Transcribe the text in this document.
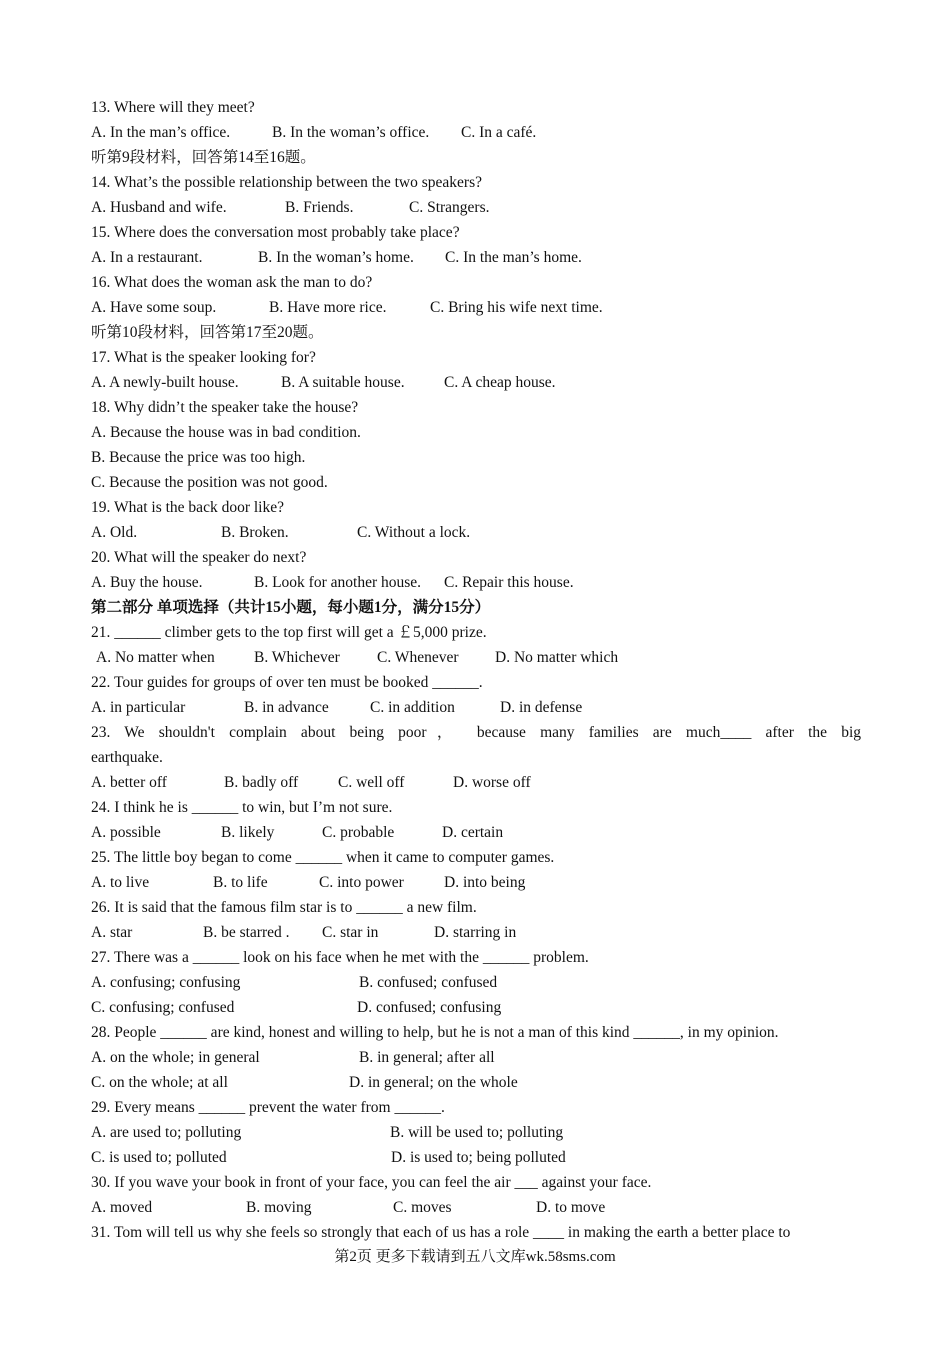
13. Where will they meet?
A. In the man’s office.	B. In the woman’s office. C. In a café.
听第9段材料，回答第14至16题。
14. What’s the possible relationship between the two speakers?
A. Husband and wife.	B. Friends.	C. Strangers.
15. Where does the conversation most probably take place?
A. In a restaurant.	B. In the woman’s home. C. In the man’s home.
16. What does the woman ask the man to do?
A. Have some soup.	B. Have more rice.	C. Bring his wife next time.
听第10段材料，回答第17至20题。
17. What is the speaker looking for?
A. A newly-built house.	B. A suitable house.	C. A cheap house.
18. Why didn’t the speaker take the house?
A. Because the house was in bad condition.
B. Because the price was too high.
C. Because the position was not good.
19. What is the back door like?
A. Old.	B. Broken.	C. Without a lock.
20. What will the speaker do next?
A. Buy the house.	B. Look for another house. C. Repair this house.
第二部分 单项选择（共计15小题，每小题1分，满分15分）
21. ______ climber gets to the top first will get a ￡5,000 prize.
A. No matter when	B. Whichever C. Whenever D. No matter which
22. Tour guides for groups of over ten must be booked ______.
A. in particular	B. in advance	C. in addition	D. in defense
23. We shouldn't complain about being poor， because many families are much____ after the big
earthquake.
A. better off	B. badly off	C. well off	D. worse off
24. I think he is ______ to win, but I’m not sure.
A. possible	B. likely	C. probable	D. certain
25. The little boy began to come ______ when it came to computer games.
A. to live	B. to life	C. into power	D. into being
26. It is said that the famous film star is to ______ a new film.
A. star	B. be starred . C. star in	D. starring in
27. There was a ______ look on his face when he met with the ______ problem.
A. confusing; confusing	B. confused; confused
C. confusing; confused	D. confused; confusing
28. People ______ are kind, honest and willing to help, but he is not a man of this kind ______, in my opinion.
A. on the whole; in general	B. in general; after all
C. on the whole; at all	D. in general; on the whole
29. Every means ______ prevent the water from ______.
A. are used to; polluting	B. will be used to; polluting
C. is used to; polluted	D. is used to; being polluted
30. If you wave your book in front of your face, you can feel the air ___ against your face.
A. moved	B. moving	C. moves	D. to move
31. Tom will tell us why she feels so strongly that each of us has a role ____ in making the earth a better place to
第2页 更多下载请到五八文库wk.58sms.com
